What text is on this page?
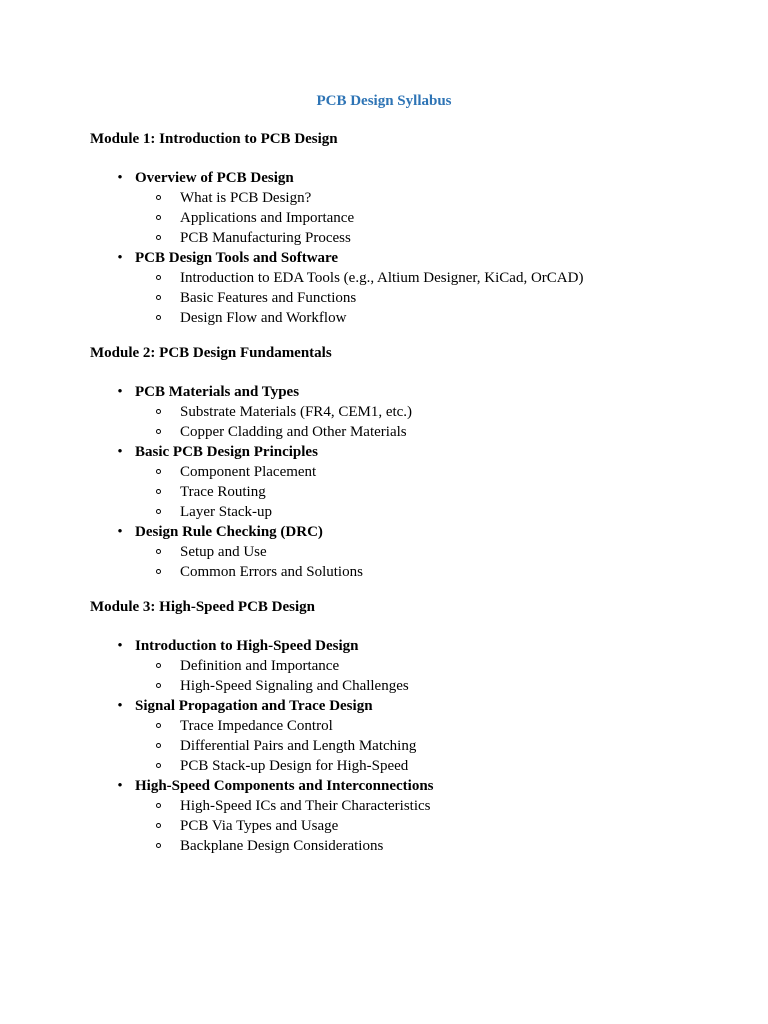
PCB Design Syllabus
Module 1: Introduction to PCB Design
• Overview of PCB Design
What is PCB Design?
Applications and Importance
PCB Manufacturing Process
• PCB Design Tools and Software
Introduction to EDA Tools (e.g., Altium Designer, KiCad, OrCAD)
Basic Features and Functions
Design Flow and Workflow
Module 2: PCB Design Fundamentals
• PCB Materials and Types
Substrate Materials (FR4, CEM1, etc.)
Copper Cladding and Other Materials
• Basic PCB Design Principles
Component Placement
Trace Routing
Layer Stack-up
• Design Rule Checking (DRC)
Setup and Use
Common Errors and Solutions
Module 3: High-Speed PCB Design
• Introduction to High-Speed Design
Definition and Importance
High-Speed Signaling and Challenges
• Signal Propagation and Trace Design
Trace Impedance Control
Differential Pairs and Length Matching
PCB Stack-up Design for High-Speed
• High-Speed Components and Interconnections
High-Speed ICs and Their Characteristics
PCB Via Types and Usage
Backplane Design Considerations
